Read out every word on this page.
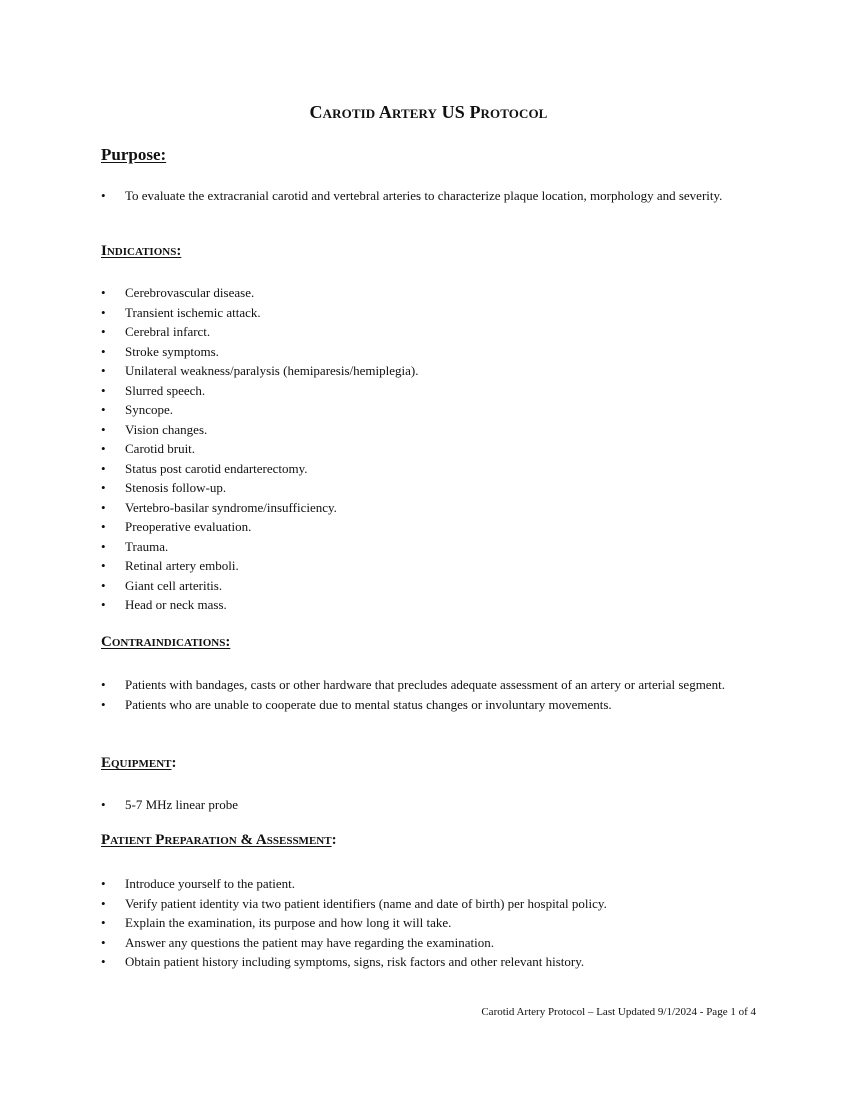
Carotid Artery US Protocol
Purpose:
•	To evaluate the extracranial carotid and vertebral arteries to characterize plaque location, morphology and severity.
Indications:
•	Cerebrovascular disease.
•	Transient ischemic attack.
•	Cerebral infarct.
•	Stroke symptoms.
•	Unilateral weakness/paralysis (hemiparesis/hemiplegia).
•	Slurred speech.
•	Syncope.
•	Vision changes.
•	Carotid bruit.
•	Status post carotid endarterectomy.
•	Stenosis follow-up.
•	Vertebro-basilar syndrome/insufficiency.
•	Preoperative evaluation.
•	Trauma.
•	Retinal artery emboli.
•	Giant cell arteritis.
•	Head or neck mass.
Contraindications:
•	Patients with bandages, casts or other hardware that precludes adequate assessment of an artery or arterial segment.
•	Patients who are unable to cooperate due to mental status changes or involuntary movements.
Equipment:
•	5-7 MHz linear probe
Patient Preparation & Assessment:
•	Introduce yourself to the patient.
•	Verify patient identity via two patient identifiers (name and date of birth) per hospital policy.
•	Explain the examination, its purpose and how long it will take.
•	Answer any questions the patient may have regarding the examination.
•	Obtain patient history including symptoms, signs, risk factors and other relevant history.
Carotid Artery Protocol – Last Updated 9/1/2024 - Page 1 of 4
